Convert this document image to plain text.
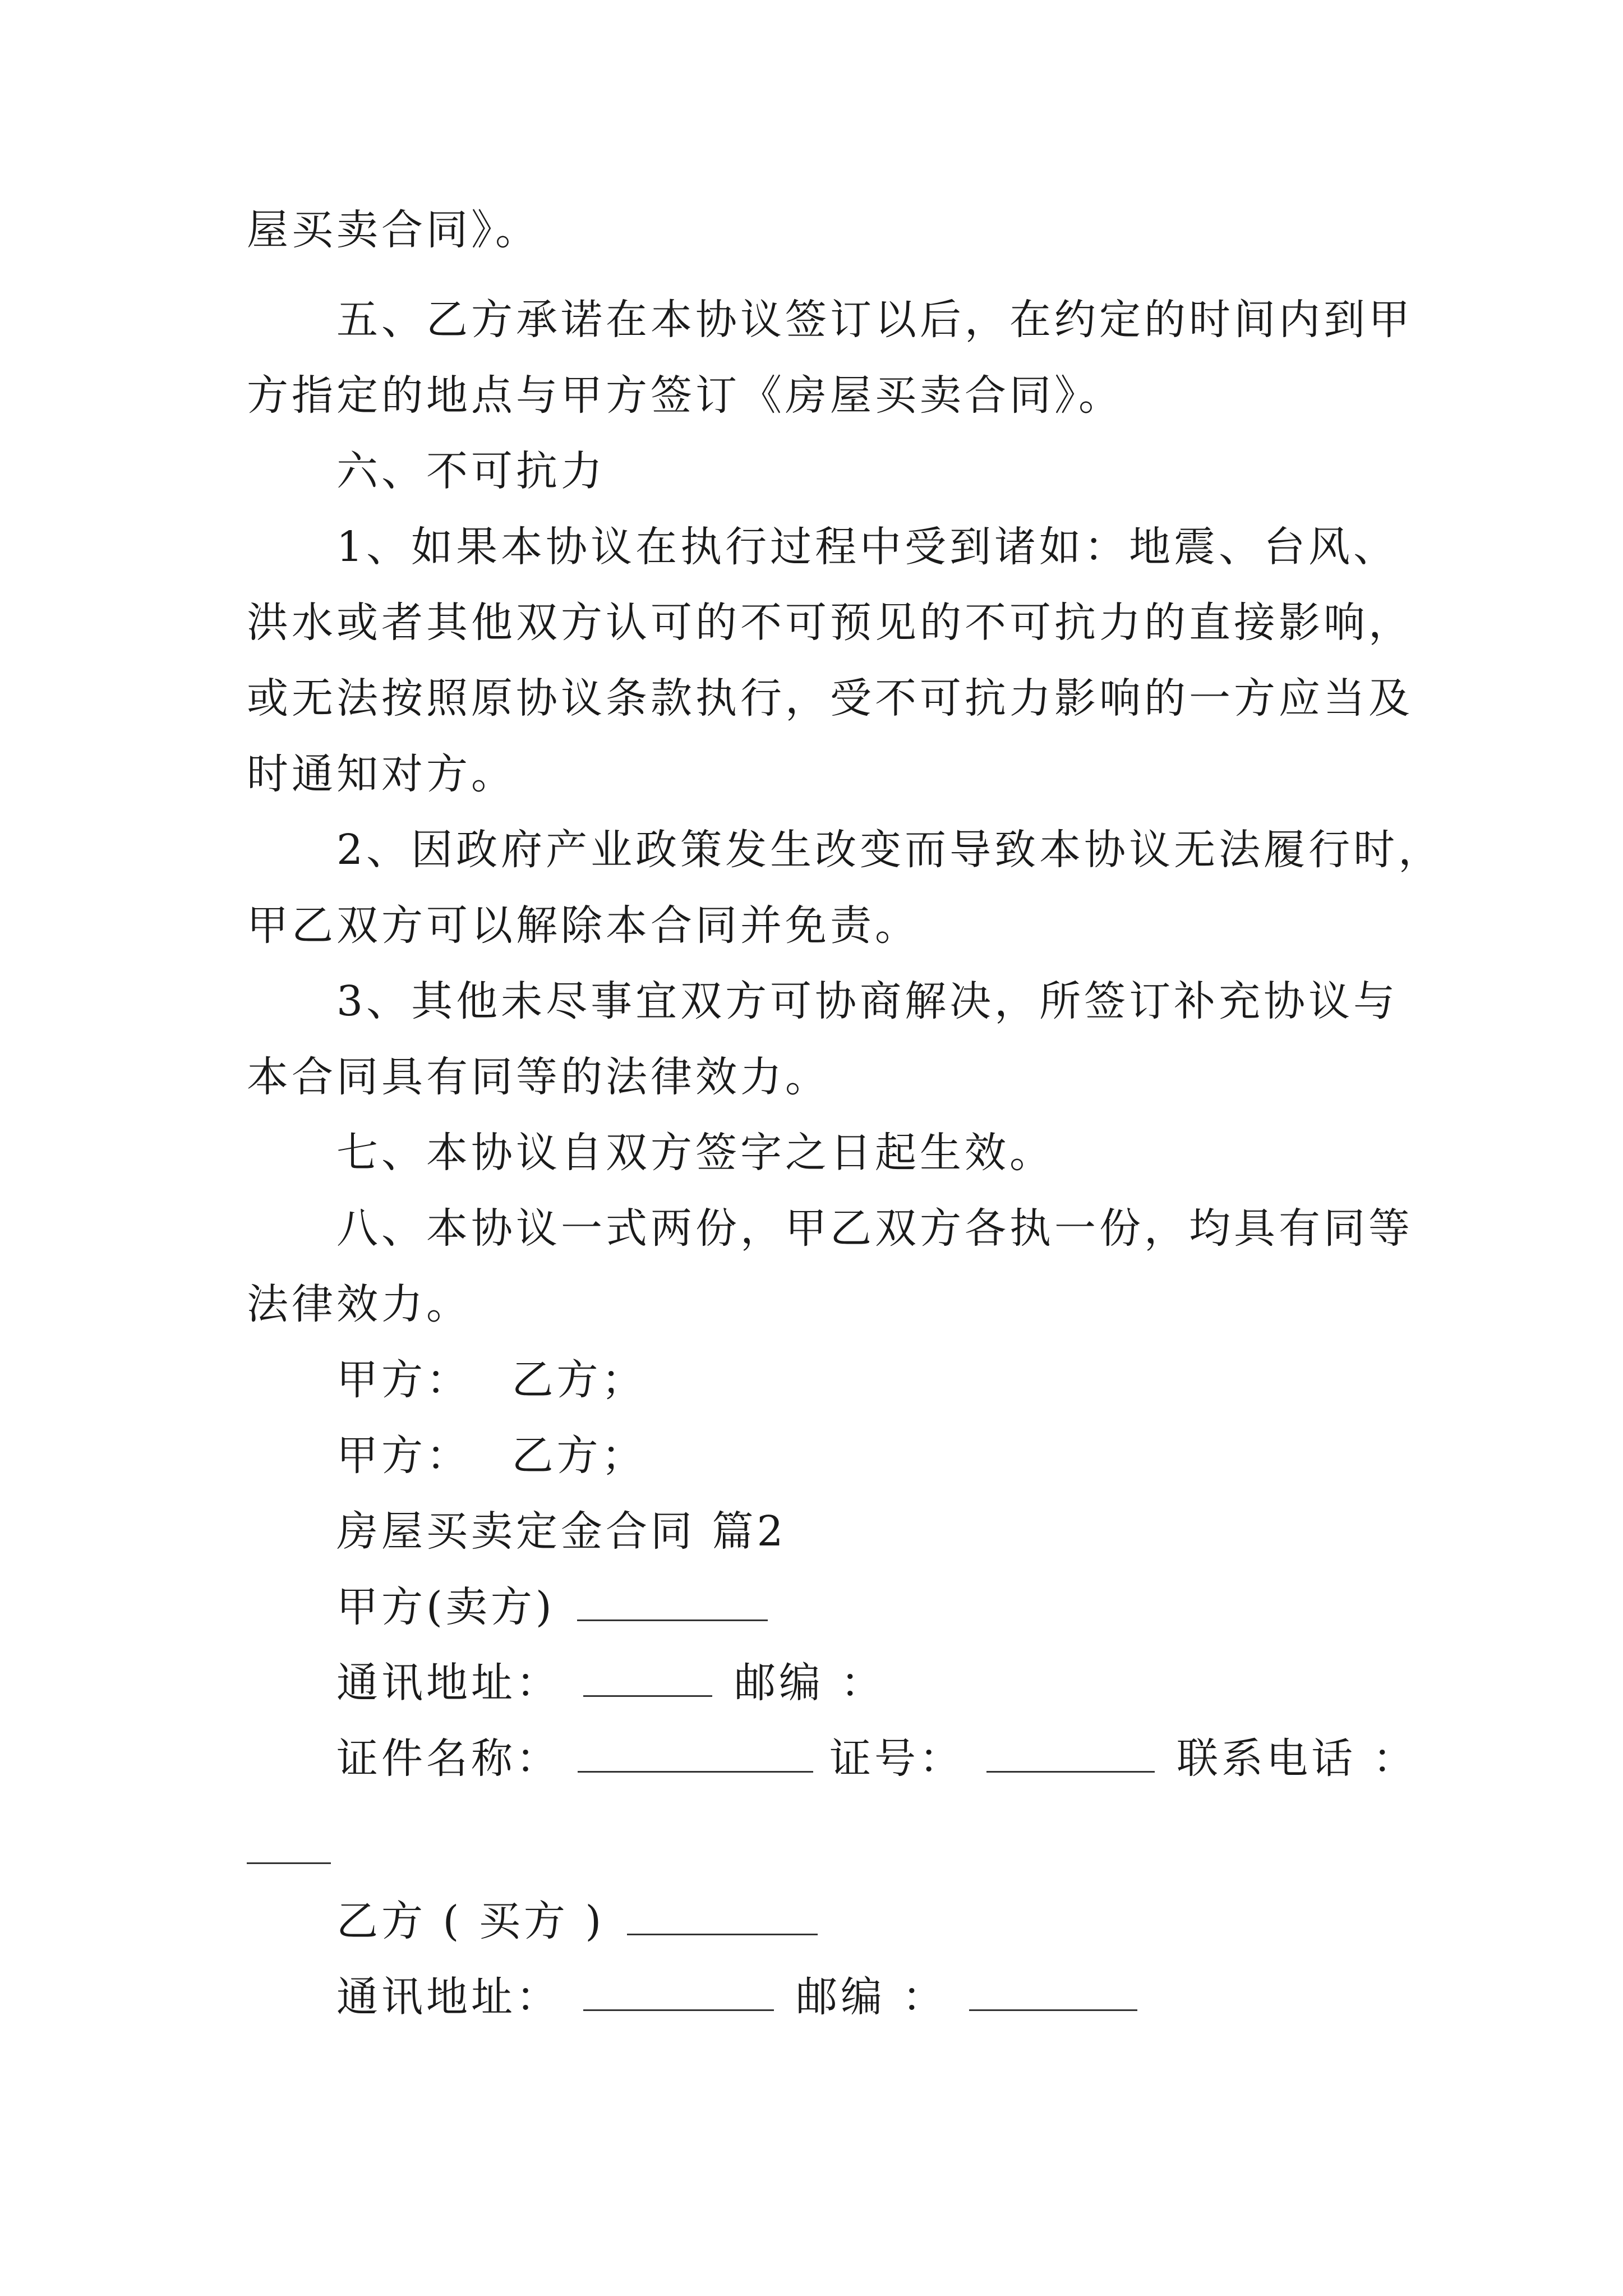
屋买卖合同》。
五、乙方承诺在本协议签订以后，在约定的时间内到甲
方指定的地点与甲方签订《房屋买卖合同》。
六、不可抗力
1、如果本协议在执行过程中受到诸如：地震、台风、
洪水或者其他双方认可的不可预见的不可抗力的直接影响，
或无法按照原协议条款执行，受不可抗力影响的一方应当及
时通知对方。
2、因政府产业政策发生改变而导致本协议无法履行时，
甲乙双方可以解除本合同并免责。
3、其他未尽事宜双方可协商解决，所签订补充协议与
本合同具有同等的法律效力。
七、本协议自双方签字之日起生效。
八、本协议一式两份，甲乙双方各执一份，均具有同等
法律效力。
甲方：　 乙方；
甲方：　 乙方；
房屋买卖定金合同 篇2
甲方(卖方)
通讯地址：	邮编 ：
证件名称：	证号：	联系电话 ：
乙方 ( 买方 )
通讯地址：	邮编 ：
